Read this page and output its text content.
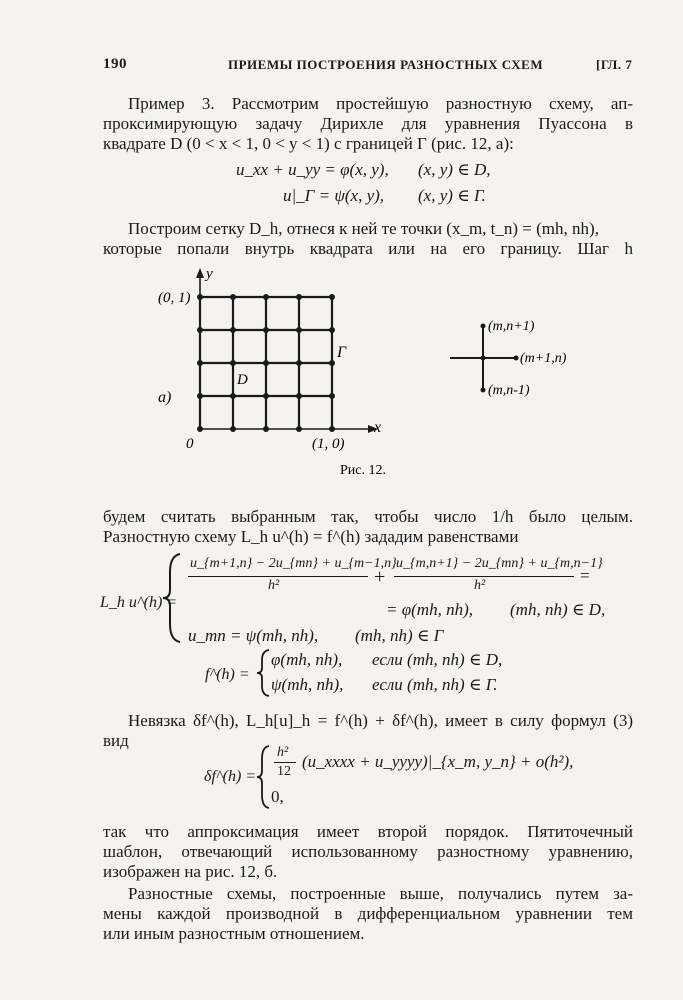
190	ПРИЕМЫ ПОСТРОЕНИЯ РАЗНОСТНЫХ СХЕМ	[ГЛ. 7
Пример 3. Рассмотрим простейшую разностную схему, ап-
проксимирующую задачу Дирихле для уравнения Пуассона в
квадрате D (0 < x < 1, 0 < y < 1) с границей Γ (рис. 12, a):
u_xx + u_yy = φ(x, y), (x, y) ∈ D,
u|_Γ = ψ(x, y), (x, y) ∈ Γ.
Построим сетку D_h, отнеся к ней те точки (x_m, t_n) = (mh, nh),
которые попали внутрь квадрата или на его границу. Шаг h
y
(0, 1)
Γ
D
а)
0	(1, 0)
x
(m,n+1)
(m+1,n)
(m,n-1)
Рис. 12.
будем считать выбранным так, чтобы число 1/h было целым.
Разностную схему L_h u^(h) = f^(h) зададим равенствами
L_h u^(h) =
u_{m+1,n} − 2u_{mn} + u_{m−1,n}
h²	+
u_{m,n+1} − 2u_{mn} + u_{m,n−1}
h²
=
= φ(mh, nh), (mh, nh) ∈ D,
u_mn = ψ(mh, nh), (mh, nh) ∈ Γ
f^(h) =
φ(mh, nh), если (mh, nh) ∈ D,
ψ(mh, nh), если (mh, nh) ∈ Γ.
Невязка δf^(h), L_h[u]_h = f^(h) + δf^(h), имеет в силу формул (3)
вид
δf^(h) =
h²
12
(u_xxxx + u_yyyy)|_{x_m, y_n} + o(h²),
0,
так что аппроксимация имеет второй порядок. Пятиточечный
шаблон, отвечающий использованному разностному уравнению,
изображен на рис. 12, б.
Разностные схемы, построенные выше, получались путем за-
мены каждой производной в дифференциальном уравнении тем
или иным разностным отношением.
